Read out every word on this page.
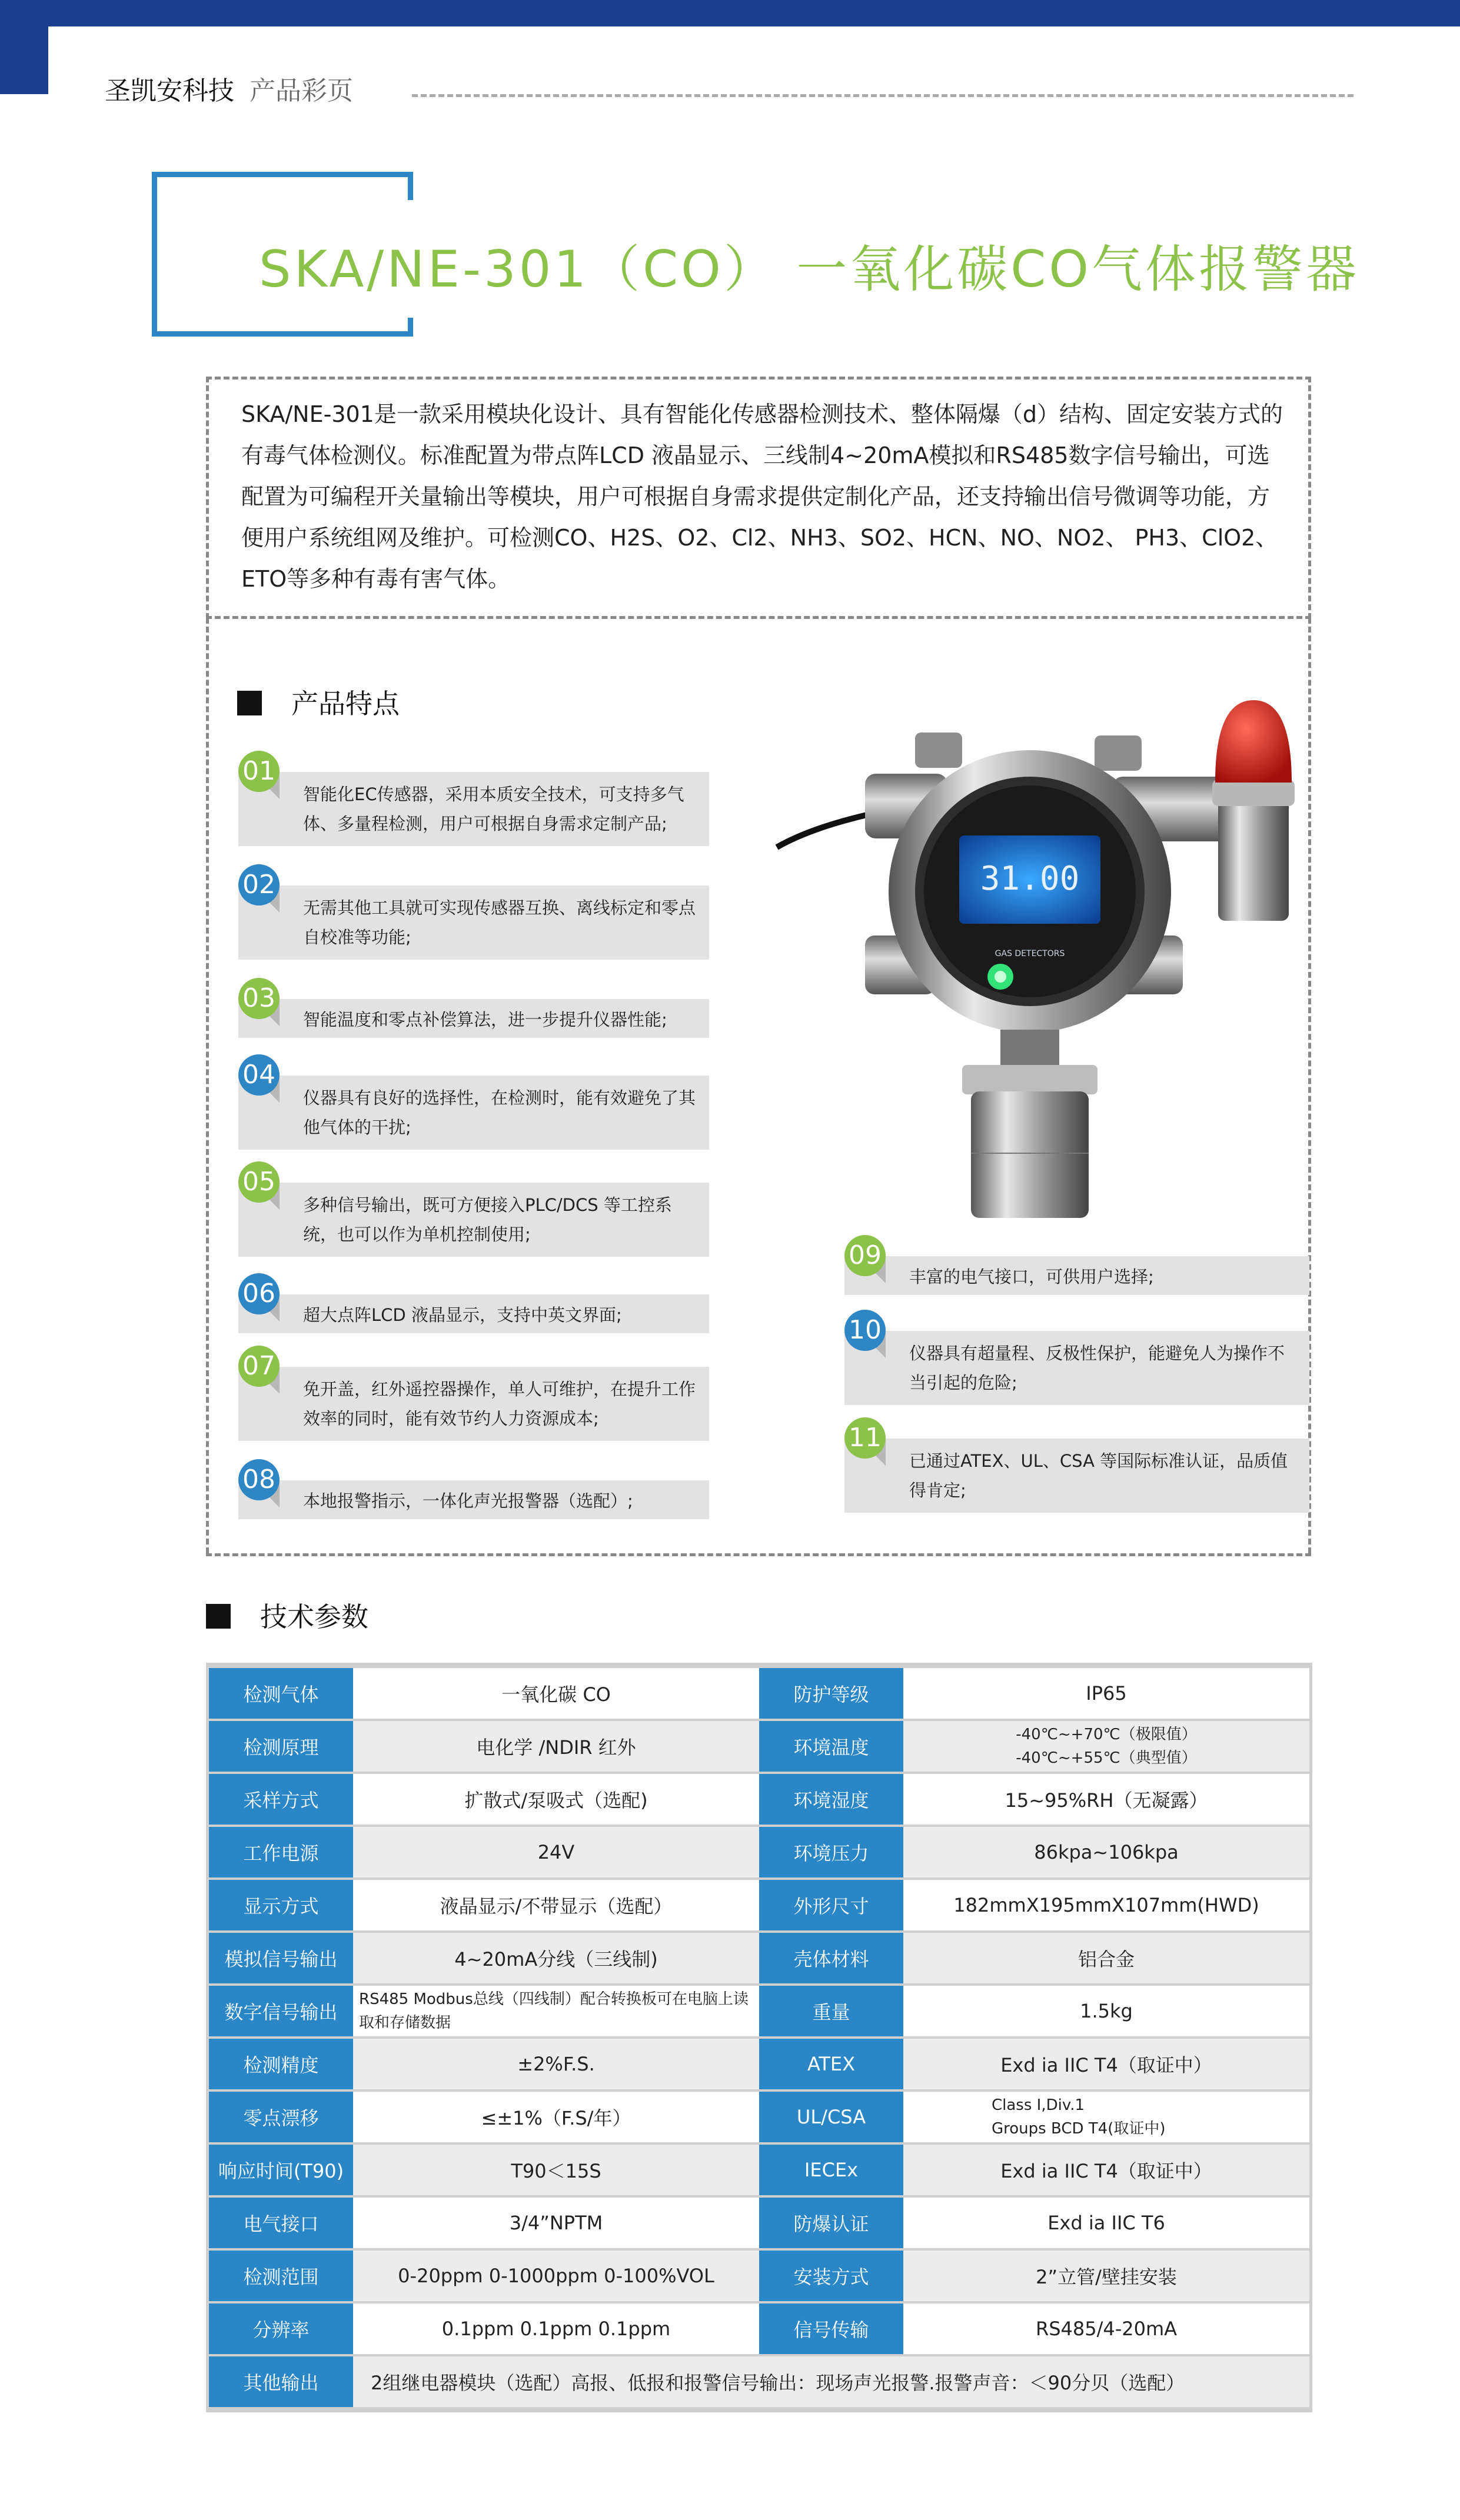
圣凯安科技 产品彩页
SKA/NE-301（CO） 一氧化碳CO气体报警器
SKA/NE-301是一款采用模块化设计、具有智能化传感器检测技术、整体隔爆（d）结构、固定安装方式的有毒气体检测仪。标准配置为带点阵LCD 液晶显示、三线制4~20mA模拟和RS485数字信号输出，可选配置为可编程开关量输出等模块，用户可根据自身需求提供定制化产品，还支持输出信号微调等功能，方便用户系统组网及维护。可检测CO、H2S、O2、Cl2、NH3、SO2、HCN、NO、NO2、 PH3、ClO2、ETO等多种有毒有害气体。
产品特点
31.00
GAS DETECTORS
技术参数
检测气体	一氧化碳 CO	防护等级	IP65
检测原理	电化学 /NDIR 红外	环境温度	-40℃~+70℃（极限值）
-40℃~+55℃（典型值）

采样方式	扩散式/泵吸式（选配)	环境湿度	15~95%RH（无凝露）
工作电源	24V	环境压力	86kpa~106kpa
显示方式	液晶显示/不带显示（选配）	外形尺寸	182mmX195mmX107mm(HWD)
模拟信号输出	4~20mA分线（三线制)	壳体材料	铝合金
数字信号输出	RS485 Modbus总线（四线制）配合转换板可在电脑上读取和存储数据	重量	1.5kg
检测精度	±2%F.S.	ATEX	Exd ia IIC T4（取证中）
零点漂移	≤±1%（F.S/年）	UL/CSA	Class I,Div.1
Groups BCD T4(取证中)

响应时间(T90)	T90＜15S	IECEx	Exd ia IIC T4（取证中）
电气接口	3/4”NPTM	防爆认证	Exd ia IIC T6
检测范围	0-20ppm 0-1000ppm 0-100%VOL	安装方式	2”立管/壁挂安装
分辨率	0.1ppm 0.1ppm 0.1ppm	信号传输	RS485/4-20mA
其他输出	2组继电器模块（选配）高报、低报和报警信号输出：现场声光报警.报警声音：＜90分贝（选配）		
智能化EC传感器，采用本质安全技术，可支持多气体、多量程检测，用户可根据自身需求定制产品;
01
无需其他工具就可实现传感器互换、离线标定和零点自校准等功能;
02
智能温度和零点补偿算法，进一步提升仪器性能;
03
仪器具有良好的选择性，在检测时，能有效避免了其他气体的干扰;
04
多种信号输出，既可方便接入PLC/DCS 等工控系统，也可以作为单机控制使用;
05
超大点阵LCD 液晶显示，支持中英文界面;
06
免开盖，红外遥控器操作，单人可维护，在提升工作效率的同时，能有效节约人力资源成本;
07
本地报警指示，一体化声光报警器（选配）;
08
丰富的电气接口，可供用户选择;
09
仪器具有超量程、反极性保护，能避免人为操作不当引起的危险;
10
已通过ATEX、UL、CSA 等国际标准认证，品质值得肯定;
11
